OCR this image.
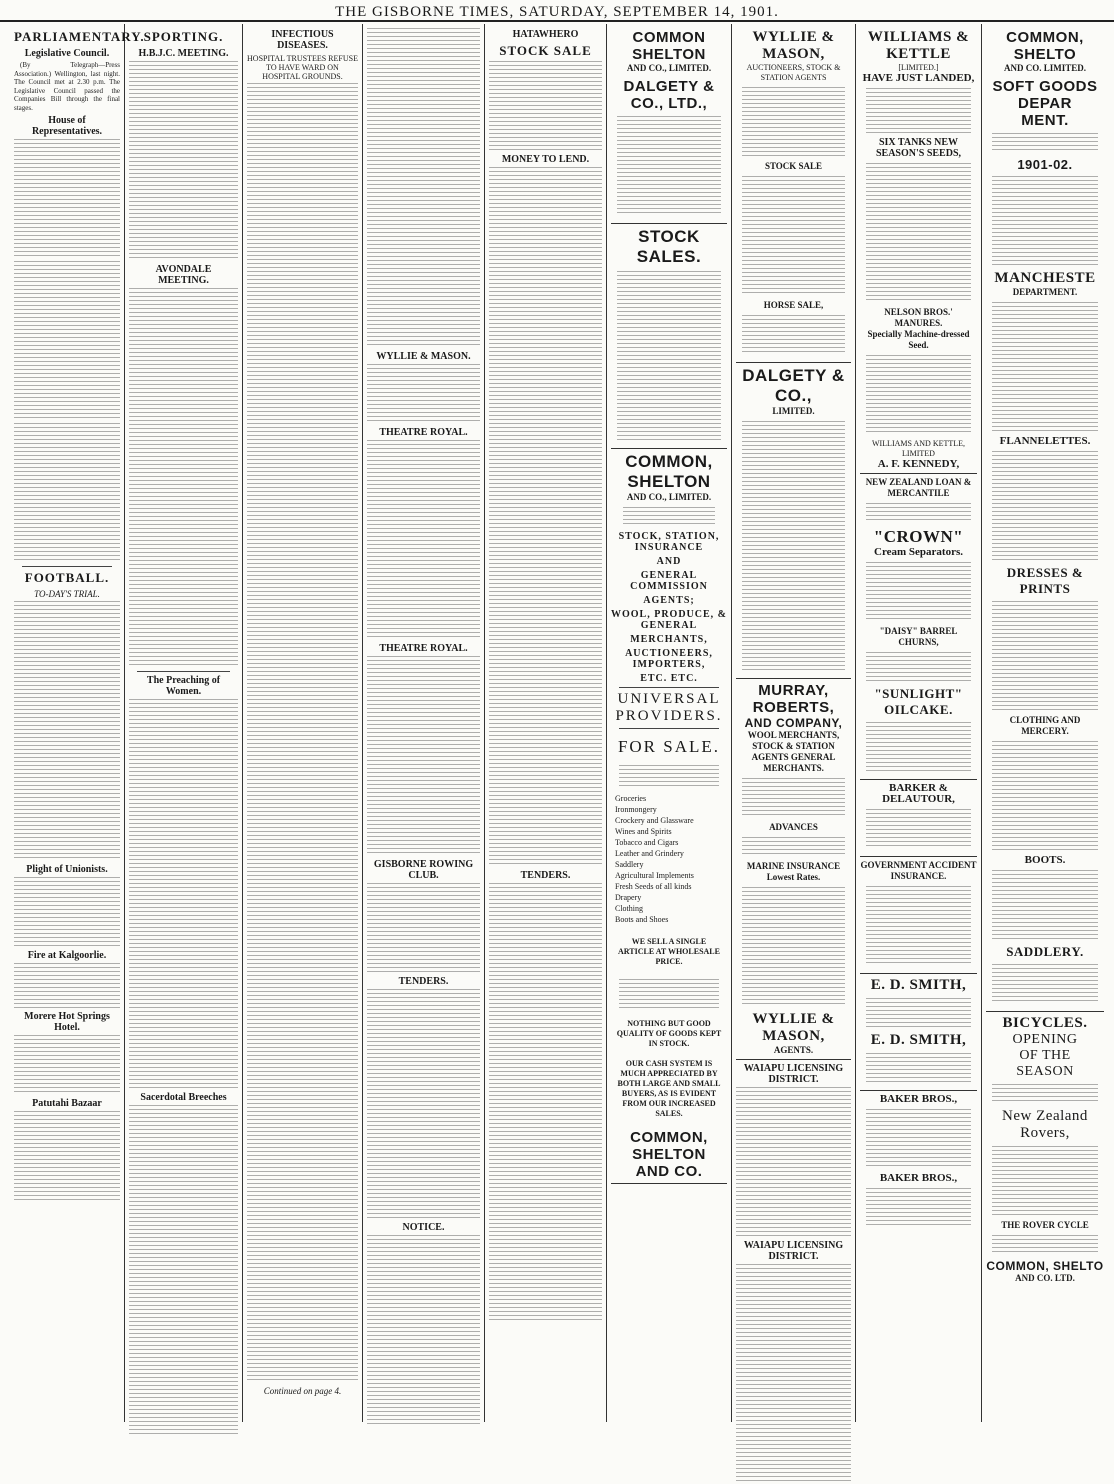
THE GISBORNE TIMES, SATURDAY, SEPTEMBER 14, 1901.
PARLIAMENTARY.
Legislative Council.
(By Telegraph—Press Association.) Wellington, last night. The Council met at 2.30 p.m. The Legislative Council passed the Companies Bill through the final stages.
House of Representatives.
FOOTBALL.
TO-DAY'S TRIAL.
Plight of Unionists.
Fire at Kalgoorlie.
Morere Hot Springs Hotel.
Patutahi Bazaar
SPORTING.
H.B.J.C. MEETING.
AVONDALE MEETING.
The Preaching of Women.
Sacerdotal Breeches
INFECTIOUS DISEASES.
HOSPITAL TRUSTEES REFUSE TO HAVE WARD ON HOSPITAL GROUNDS.
Continued on page 4.
WYLLIE & MASON.
THEATRE ROYAL.
THEATRE ROYAL.
GISBORNE ROWING CLUB.
TENDERS.
NOTICE.
HATAWHERO
STOCK SALE
MONEY TO LEND.
TENDERS.
COMMON SHELTON
AND CO., LIMITED.
DALGETY & CO., LTD.,
STOCK SALES.
COMMON, SHELTON
AND CO., LIMITED.
STOCK, STATION, INSURANCE
AND
GENERAL COMMISSION
AGENTS;
WOOL, PRODUCE, & GENERAL
MERCHANTS,
AUCTIONEERS, IMPORTERS,
ETC. ETC.
UNIVERSAL
PROVIDERS.
FOR SALE.
Groceries
Ironmongery
Crockery and Glassware
Wines and Spirits
Tobacco and Cigars
Leather and Grindery
Saddlery
Agricultural Implements
Fresh Seeds of all kinds
Drapery
Clothing
Boots and Shoes
WE SELL A SINGLE ARTICLE AT WHOLESALE PRICE.
NOTHING BUT GOOD QUALITY OF GOODS KEPT IN STOCK.
OUR CASH SYSTEM IS MUCH APPRECIATED BY BOTH LARGE AND SMALL BUYERS, AS IS EVIDENT FROM OUR INCREASED SALES.
COMMON, SHELTON
AND CO.
WYLLIE & MASON,
AUCTIONEERS, STOCK & STATION AGENTS
STOCK SALE
HORSE SALE,
DALGETY & CO.,
LIMITED.
MURRAY, ROBERTS,
AND COMPANY,
WOOL MERCHANTS, STOCK & STATION AGENTS GENERAL MERCHANTS.
ADVANCES
MARINE INSURANCE
Lowest Rates.
WYLLIE & MASON,
AGENTS.
WAIAPU LICENSING DISTRICT.
WAIAPU LICENSING DISTRICT.
WILLIAMS & KETTLE
[LIMITED.]
HAVE JUST LANDED,
SIX TANKS NEW SEASON'S SEEDS,
NELSON BROS.' MANURES.
Specially Machine-dressed Seed.
WILLIAMS AND KETTLE, LIMITED
A. F. KENNEDY,
NEW ZEALAND LOAN & MERCANTILE
"CROWN"
Cream Separators.
"DAISY" BARREL CHURNS,
"SUNLIGHT" OILCAKE.
BARKER & DELAUTOUR,
GOVERNMENT ACCIDENT INSURANCE.
E. D. SMITH,
E. D. SMITH,
BAKER BROS.,
BAKER BROS.,
COMMON, SHELTO
AND CO. LIMITED.
SOFT GOODS DEPAR
MENT.
1901-02.
MANCHESTE
DEPARTMENT.
FLANNELETTES.
DRESSES & PRINTS
CLOTHING AND MERCERY.
BOOTS.
SADDLERY.
BICYCLES.
OPENING
OF THE
SEASON
New Zealand
Rovers,
THE ROVER CYCLE
COMMON, SHELTO
AND CO. LTD.
